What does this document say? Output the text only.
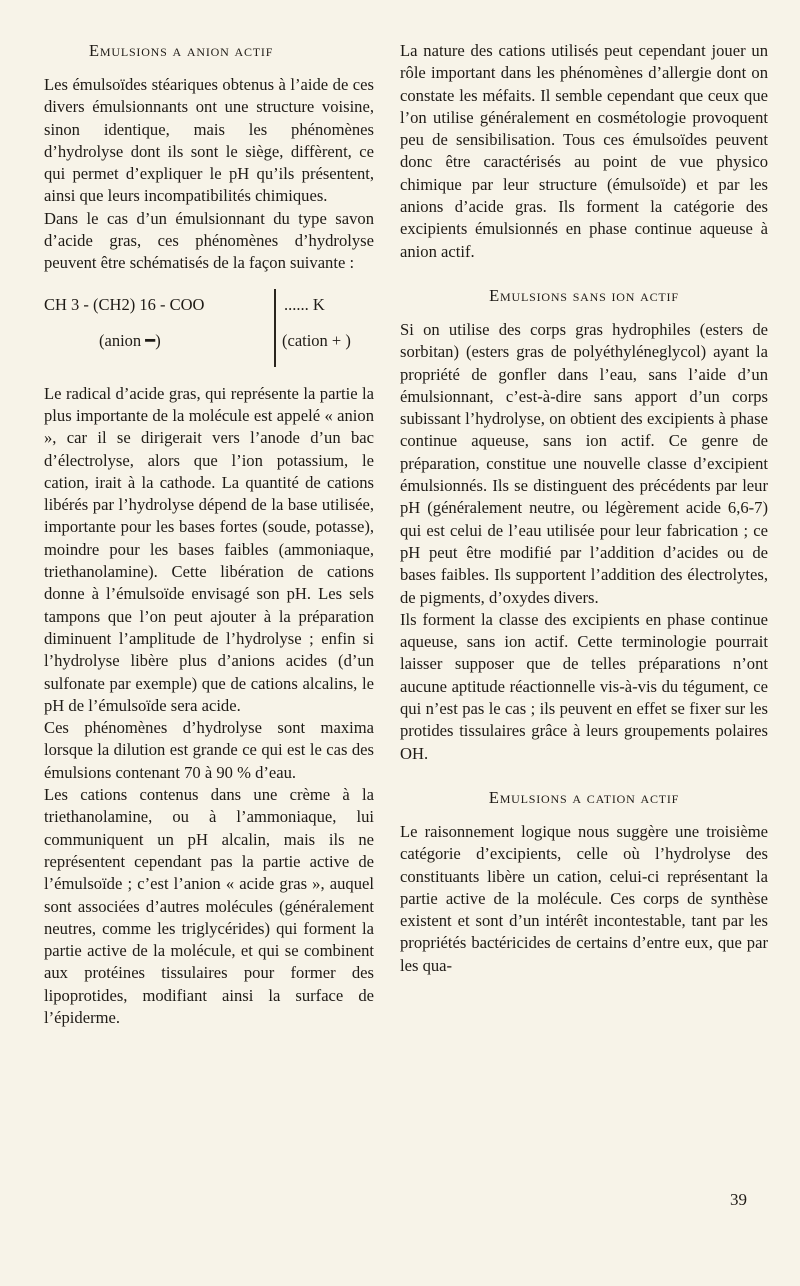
Emulsions a anion actif

Les émulsoïdes stéariques obtenus à l’aide de ces divers émulsionnants ont une structure voisine, sinon identique, mais les phénomènes d’hydrolyse dont ils sont le siège, diffèrent, ce qui permet d’expliquer le pH qu’ils présentent, ainsi que leurs incompatibilités chimiques.

Dans le cas d’un émulsionnant du type savon d’acide gras, ces phénomènes d’hydrolyse peuvent être schématisés de la façon suivante :

CH 3 - (CH2) 16 - COO	...... K
(anion ━)	(cation + )

Le radical d’acide gras, qui représente la partie la plus importante de la molécule est appelé « anion », car il se dirigerait vers l’anode d’un bac d’électrolyse, alors que l’ion potassium, le cation, irait à la cathode. La quantité de cations libérés par l’hydrolyse dépend de la base utilisée, importante pour les bases fortes (soude, potasse), moindre pour les bases faibles (ammoniaque, triethanolamine). Cette libération de cations donne à l’émulsoïde envisagé son pH. Les sels tampons que l’on peut ajouter à la préparation diminuent l’amplitude de l’hydrolyse ; enfin si l’hydrolyse libère plus d’anions acides (d’un sulfonate par exemple) que de cations alcalins, le pH de l’émulsoïde sera acide.

Ces phénomènes d’hydrolyse sont maxima lorsque la dilution est grande ce qui est le cas des émulsions contenant 70 à 90 % d’eau.

Les cations contenus dans une crème à la triethanolamine, ou à l’ammoniaque, lui communiquent un pH alcalin, mais ils ne représentent cependant pas la partie active de l’émulsoïde ; c’est l’anion « acide gras », auquel sont associées d’autres molécules (généralement neutres, comme les triglycérides) qui forment la partie active de la molécule, et qui se combinent aux protéines tissulaires pour former des lipoprotides, modifiant ainsi la surface de l’épiderme.

La nature des cations utilisés peut cependant jouer un rôle important dans les phénomènes d’allergie dont on constate les méfaits. Il semble cependant que ceux que l’on utilise généralement en cosmétologie provoquent peu de sensibilisation. Tous ces émulsoïdes peuvent donc être caractérisés au point de vue physico chimique par leur structure (émulsoïde) et par les anions d’acide gras. Ils forment la catégorie des excipients émulsionnés en phase continue aqueuse à anion actif.

Emulsions sans ion actif

Si on utilise des corps gras hydrophiles (esters de sorbitan) (esters gras de polyéthyléneglycol) ayant la propriété de gonfler dans l’eau, sans l’aide d’un émulsionnant, c’est-à-dire sans apport d’un corps subissant l’hydrolyse, on obtient des excipients à phase continue aqueuse, sans ion actif. Ce genre de préparation, constitue une nouvelle classe d’excipient émulsionnés. Ils se distinguent des précédents par leur pH (généralement neutre, ou légèrement acide 6,6-7) qui est celui de l’eau utilisée pour leur fabrication ; ce pH peut être modifié par l’addition d’acides ou de bases faibles. Ils supportent l’addition des électrolytes, de pigments, d’oxydes divers.

Ils forment la classe des excipients en phase continue aqueuse, sans ion actif. Cette terminologie pourrait laisser supposer que de telles préparations n’ont aucune aptitude réactionnelle vis-à-vis du tégument, ce qui n’est pas le cas ; ils peuvent en effet se fixer sur les protides tissulaires grâce à leurs groupements polaires OH.

Emulsions a cation actif

Le raisonnement logique nous suggère une troisième catégorie d’excipients, celle où l’hydrolyse des constituants libère un cation, celui-ci représentant la partie active de la molécule. Ces corps de synthèse existent et sont d’un intérêt incontestable, tant par les propriétés bactéricides de certains d’entre eux, que par les qua-

39
